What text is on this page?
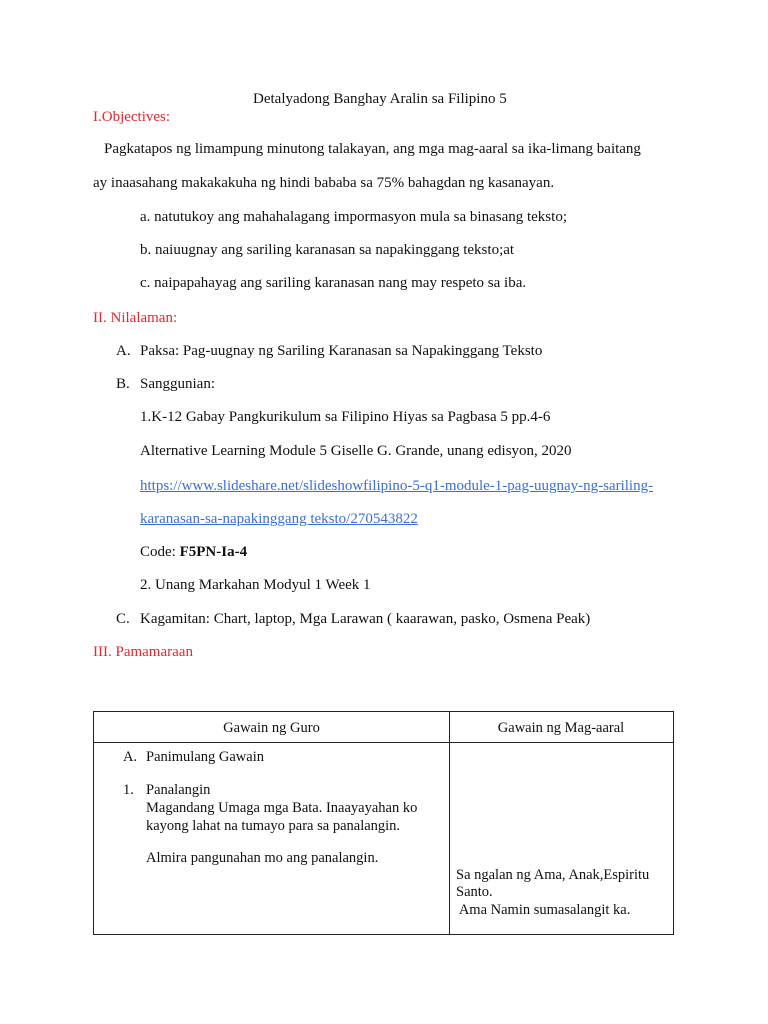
Detalyadong Banghay Aralin sa Filipino 5
I.Objectives:
Pagkatapos ng limampung minutong talakayan, ang mga mag-aaral sa ika-limang baitang
ay inaasahang makakakuha ng hindi bababa sa 75% bahagdan ng kasanayan.
a. natutukoy ang mahahalagang impormasyon mula sa binasang teksto;
b. naiuugnay ang sariling karanasan sa napakinggang teksto;at
c. naipapahayag ang sariling karanasan nang may respeto sa iba.
II. Nilalaman:
A. Paksa: Pag-uugnay ng Sariling Karanasan sa Napakinggang Teksto
B. Sanggunian:
1.K-12 Gabay Pangkurikulum sa Filipino Hiyas sa Pagbasa 5 pp.4-6
Alternative Learning Module 5 Giselle G. Grande, unang edisyon, 2020
https://www.slideshare.net/slideshowfilipino-5-q1-module-1-pag-uugnay-ng-sariling-
karanasan-sa-napakinggang teksto/270543822
Code: F5PN-Ia-4
2. Unang Markahan Modyul 1 Week 1
C. Kagamitan: Chart, laptop, Mga Larawan ( kaarawan, pasko, Osmena Peak)
III. Pamamaraan
Gawain ng Guro	Gawain ng Mag-aaral
A. Panimulang Gawain
1. Panalangin
Magandang Umaga mga Bata. Inaayayahan ko
kayong lahat na tumayo para sa panalangin.
Almira pangunahan mo ang panalangin.
Sa ngalan ng Ama, Anak,Espiritu
Santo.
Ama Namin sumasalangit ka.
